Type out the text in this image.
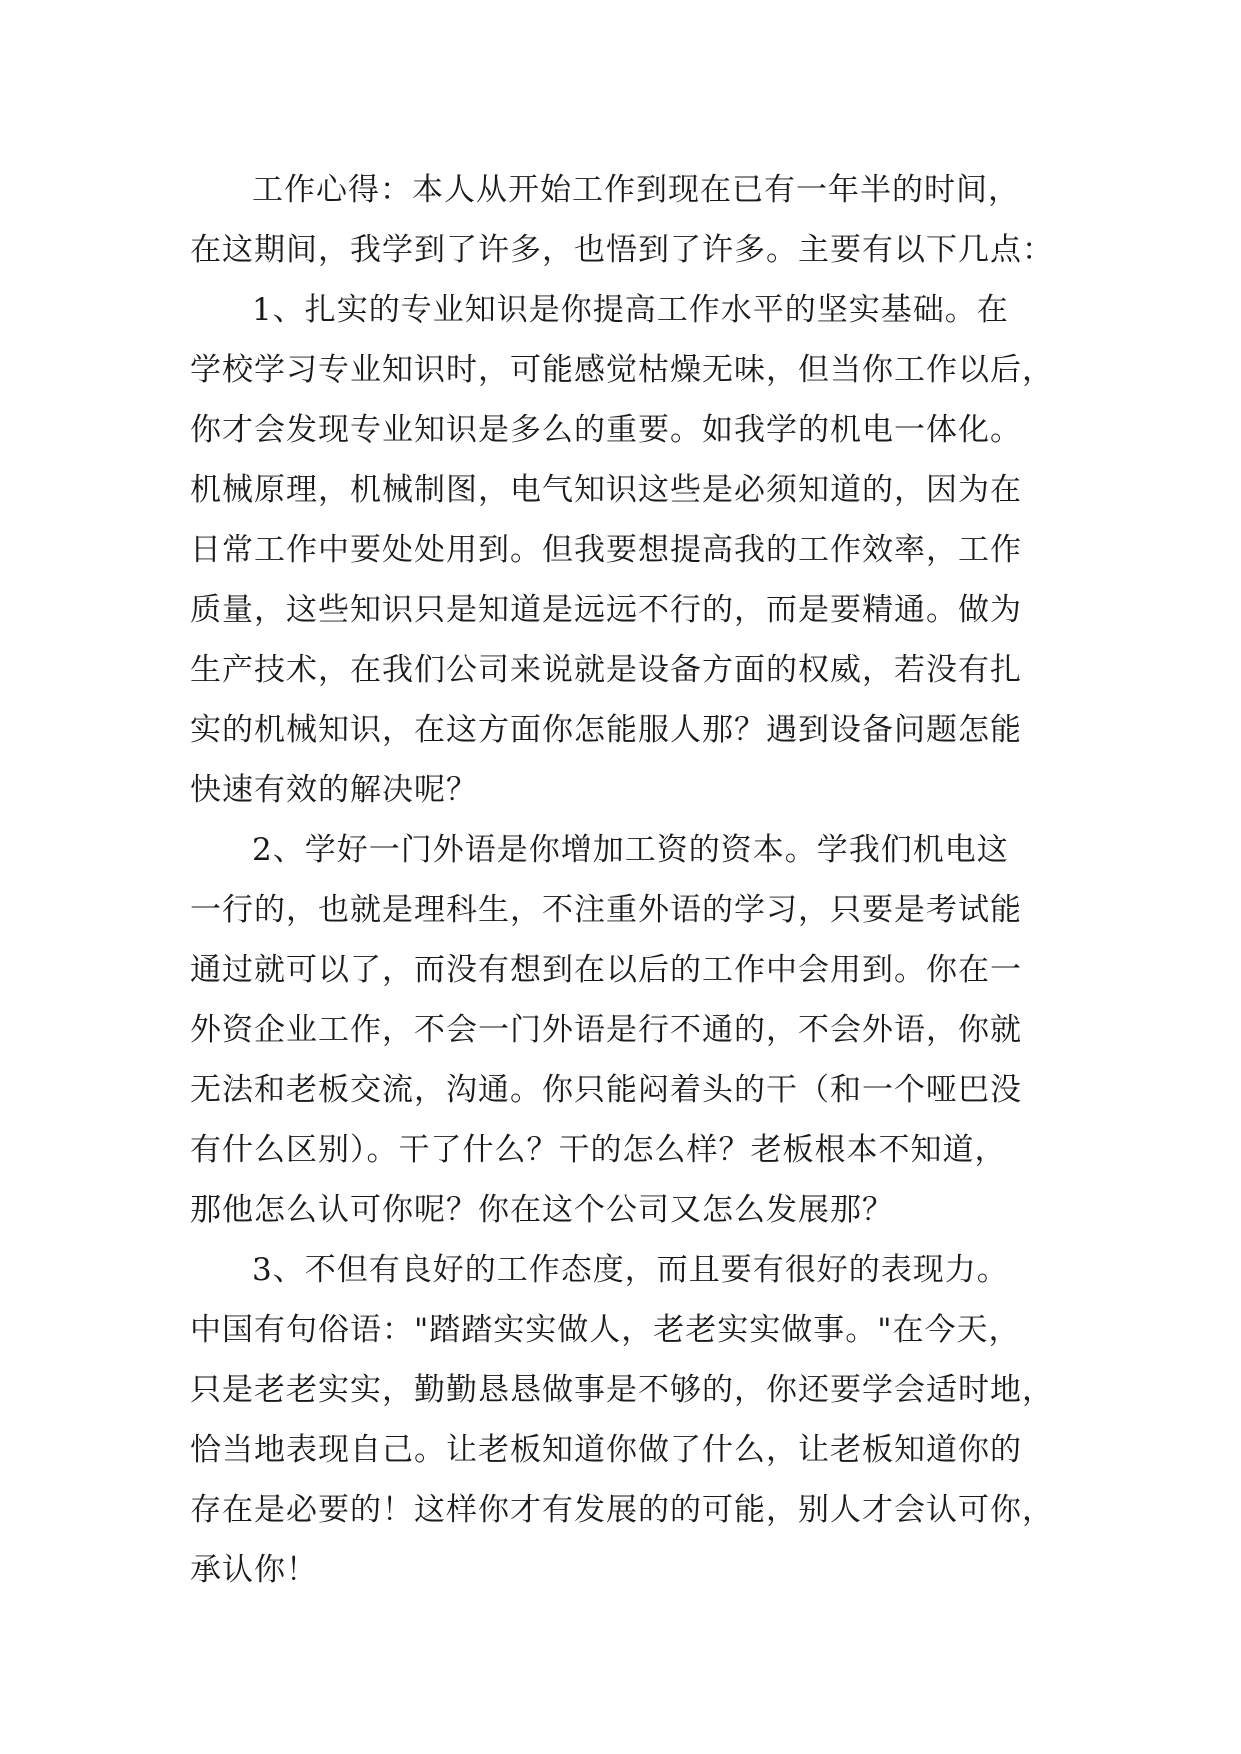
工作心得：本人从开始工作到现在已有一年半的时间，
在这期间，我学到了许多，也悟到了许多。主要有以下几点：
1、扎实的专业知识是你提高工作水平的坚实基础。在
学校学习专业知识时，可能感觉枯燥无味，但当你工作以后，
你才会发现专业知识是多么的重要。如我学的机电一体化。
机械原理，机械制图，电气知识这些是必须知道的，因为在
日常工作中要处处用到。但我要想提高我的工作效率，工作
质量，这些知识只是知道是远远不行的，而是要精通。做为
生产技术，在我们公司来说就是设备方面的权威，若没有扎
实的机械知识，在这方面你怎能服人那？遇到设备问题怎能
快速有效的解决呢？
2、学好一门外语是你增加工资的资本。学我们机电这
一行的，也就是理科生，不注重外语的学习，只要是考试能
通过就可以了，而没有想到在以后的工作中会用到。你在一
外资企业工作，不会一门外语是行不通的，不会外语，你就
无法和老板交流，沟通。你只能闷着头的干（和一个哑巴没
有什么区别）。干了什么？干的怎么样？老板根本不知道，
那他怎么认可你呢？你在这个公司又怎么发展那？
3、不但有良好的工作态度，而且要有很好的表现力。
中国有句俗语："踏踏实实做人，老老实实做事。"在今天，
只是老老实实，勤勤恳恳做事是不够的，你还要学会适时地，
恰当地表现自己。让老板知道你做了什么，让老板知道你的
存在是必要的！这样你才有发展的的可能，别人才会认可你，
承认你！
